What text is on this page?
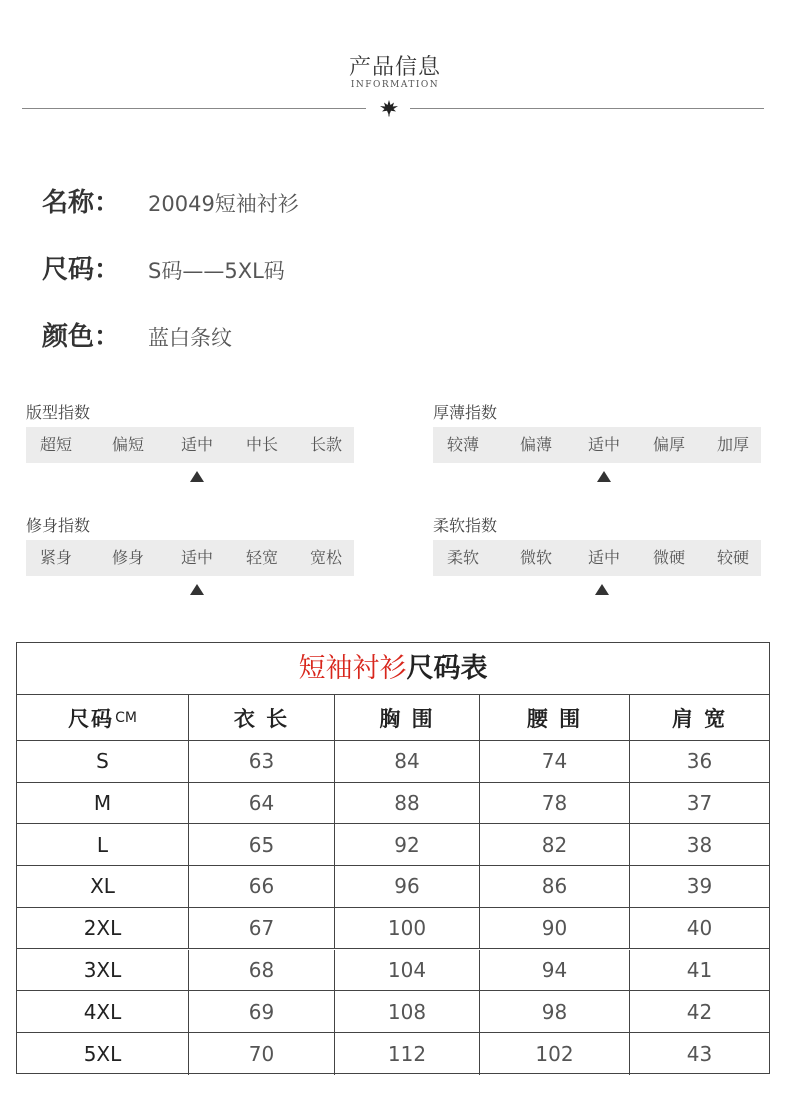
产品信息
INFORMATION
名称： 20049短袖衬衫
尺码： S码——5XL码
颜色： 蓝白条纹
版型指数
超短	偏短	适中	中长	长款
厚薄指数
较薄	偏薄	适中	偏厚	加厚
修身指数
紧身	修身	适中	轻宽	宽松
柔软指数
柔软	微软	适中	微硬	较硬
短袖衬衫尺码表
尺码 CM	衣 长	胸 围	腰 围	肩 宽
S	63	84	74	36
M	64	88	78	37
L	65	92	82	38
XL	66	96	86	39
2XL	67	100	90	40
3XL	68	104	94	41
4XL	69	108	98	42
5XL	70	112	102	43
